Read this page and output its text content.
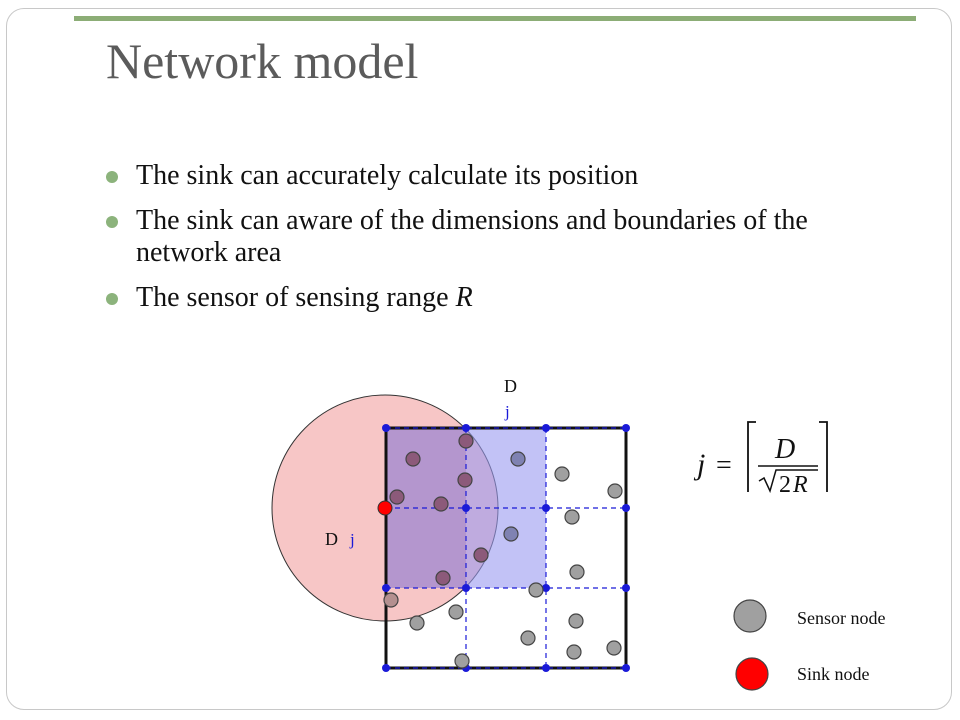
Network model
The sink can accurately calculate its position
The sink can aware of the dimensions and boundaries of the network area
The sensor of sensing range R
D
j
D j
j =
D
2 R
Sensor node
Sink node
